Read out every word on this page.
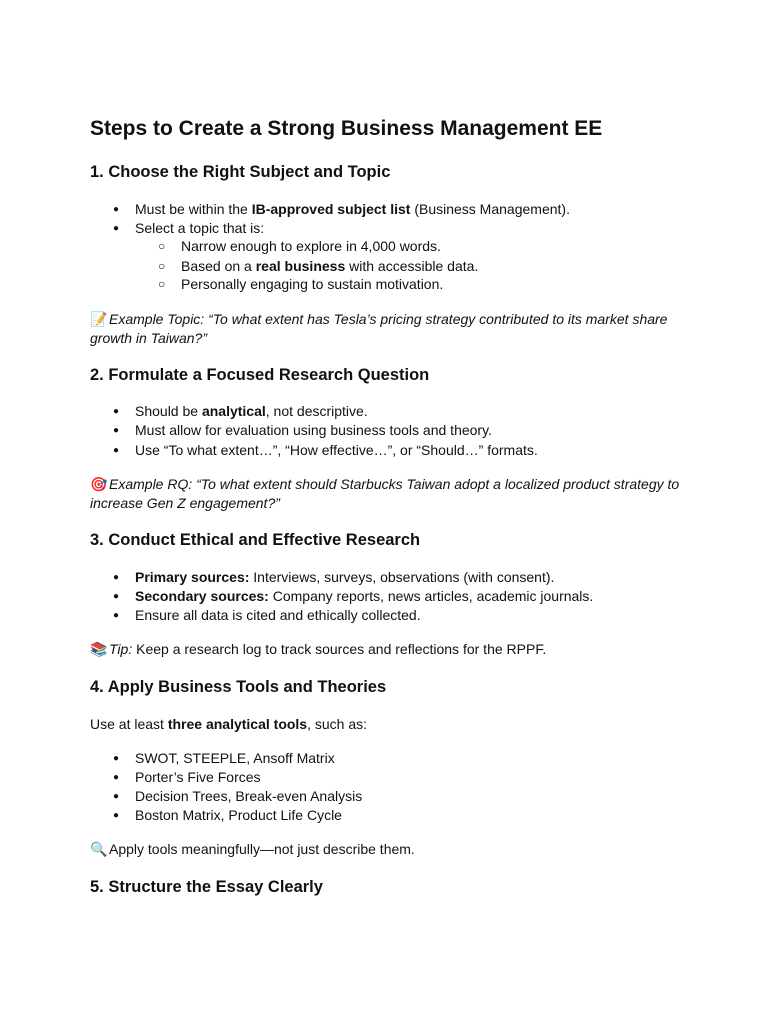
Steps to Create a Strong Business Management EE
1. Choose the Right Subject and Topic
● Must be within the IB-approved subject list (Business Management).

● Select a topic that is:

○ Narrow enough to explore in 4,000 words.

○ Based on a real business with accessible data.

○ Personally engaging to sustain motivation.

📝 Example Topic: “To what extent has Tesla’s pricing strategy contributed to its market share

growth in Taiwan?”

2. Formulate a Focused Research Question
● Should be analytical, not descriptive.

● Must allow for evaluation using business tools and theory.

● Use “To what extent…”, “How effective…”, or “Should…” formats.

🎯 Example RQ: “To what extent should Starbucks Taiwan adopt a localized product strategy to

increase Gen Z engagement?”

3. Conduct Ethical and Effective Research
● Primary sources: Interviews, surveys, observations (with consent).

● Secondary sources: Company reports, news articles, academic journals.

● Ensure all data is cited and ethically collected.

📚 Tip: Keep a research log to track sources and reflections for the RPPF.

4. Apply Business Tools and Theories

Use at least three analytical tools, such as:

● SWOT, STEEPLE, Ansoff Matrix

● Porter’s Five Forces

● Decision Trees, Break-even Analysis

● Boston Matrix, Product Life Cycle

🔍 Apply tools meaningfully—not just describe them.

5. Structure the Essay Clearly
